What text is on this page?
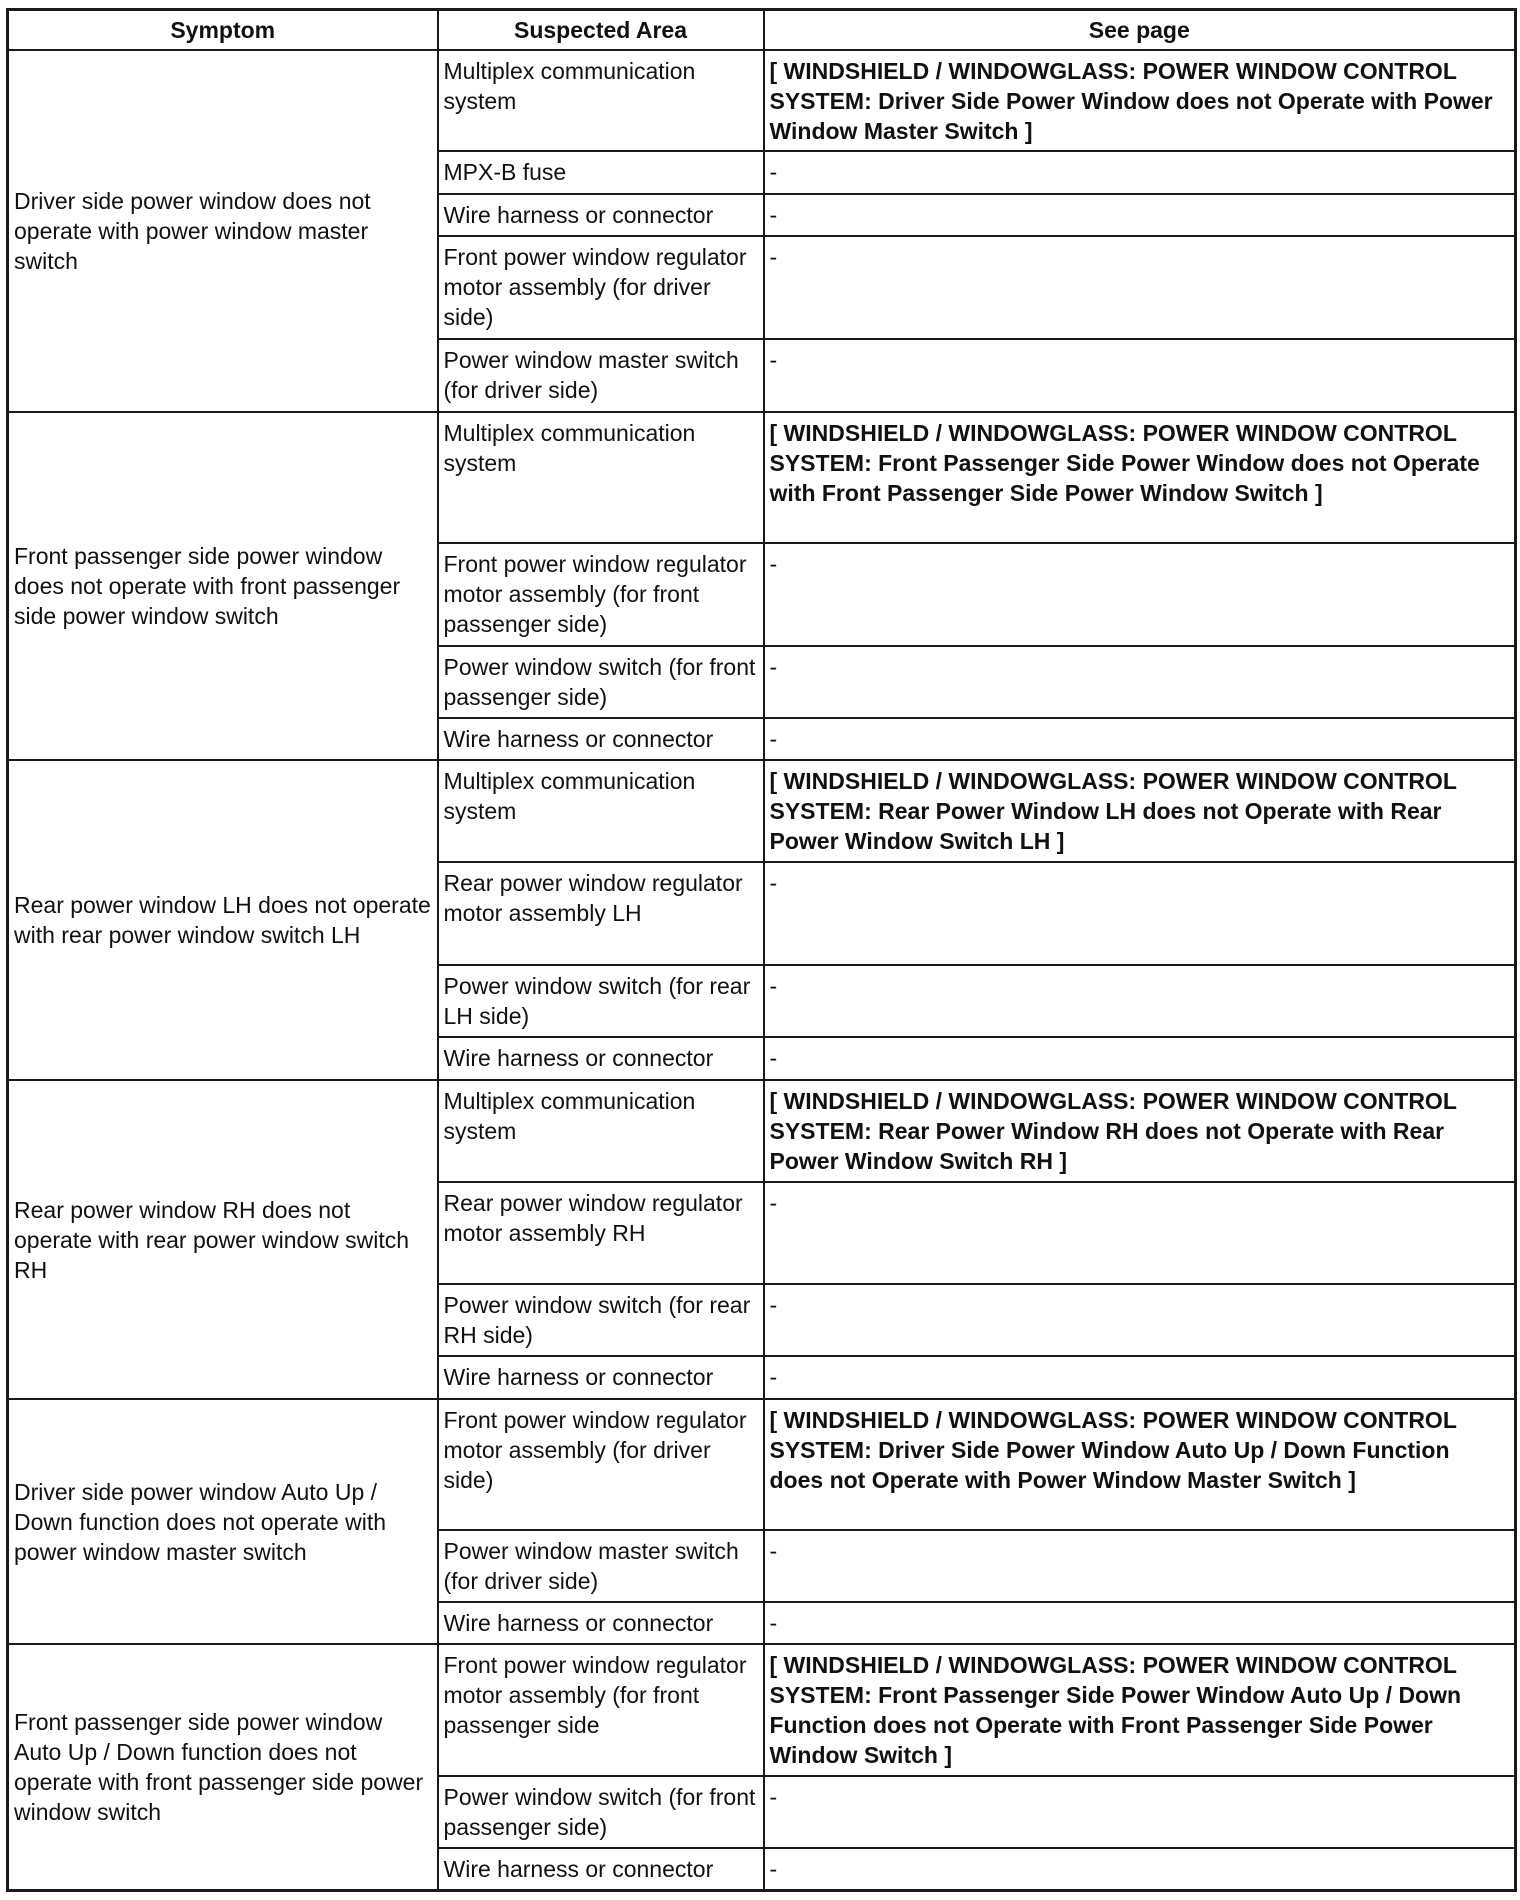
Symptom	Suspected Area	See page
Driver side power window does not operate with power window master switch	Multiplex communication system	[ WINDSHIELD / WINDOWGLASS: POWER WINDOW CONTROL SYSTEM: Driver Side Power Window does not Operate with Power Window Master Switch ]
	MPX-B fuse	-
	Wire harness or connector	-
	Front power window regulator motor assembly (for driver side)	-
	Power window master switch (for driver side)	-
Front passenger side power window does not operate with front passenger side power window switch	Multiplex communication system	[ WINDSHIELD / WINDOWGLASS: POWER WINDOW CONTROL SYSTEM: Front Passenger Side Power Window does not Operate with Front Passenger Side Power Window Switch ]
	Front power window regulator motor assembly (for front passenger side)	-
	Power window switch (for front passenger side)	-
	Wire harness or connector	-
Rear power window LH does not operate with rear power window switch LH	Multiplex communication system	[ WINDSHIELD / WINDOWGLASS: POWER WINDOW CONTROL SYSTEM: Rear Power Window LH does not Operate with Rear Power Window Switch LH ]
	Rear power window regulator motor assembly LH	-
	Power window switch (for rear LH side)	-
	Wire harness or connector	-
Rear power window RH does not operate with rear power window switch RH	Multiplex communication system	[ WINDSHIELD / WINDOWGLASS: POWER WINDOW CONTROL SYSTEM: Rear Power Window RH does not Operate with Rear Power Window Switch RH ]
	Rear power window regulator motor assembly RH	-
	Power window switch (for rear RH side)	-
	Wire harness or connector	-
Driver side power window Auto Up / Down function does not operate with power window master switch	Front power window regulator motor assembly (for driver side)	[ WINDSHIELD / WINDOWGLASS: POWER WINDOW CONTROL SYSTEM: Driver Side Power Window Auto Up / Down Function does not Operate with Power Window Master Switch ]
	Power window master switch (for driver side)	-
	Wire harness or connector	-
Front passenger side power window Auto Up / Down function does not operate with front passenger side power window switch	Front power window regulator motor assembly (for front passenger side	[ WINDSHIELD / WINDOWGLASS: POWER WINDOW CONTROL SYSTEM: Front Passenger Side Power Window Auto Up / Down Function does not Operate with Front Passenger Side Power Window Switch ]
	Power window switch (for front passenger side)	-
	Wire harness or connector	-
